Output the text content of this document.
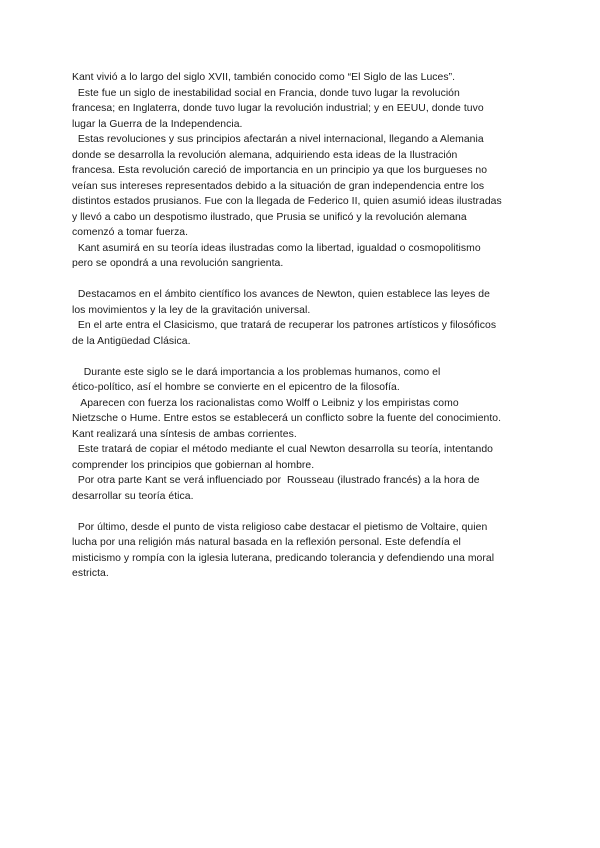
Kant vivió a lo largo del siglo XVII, también conocido como “El Siglo de las Luces”.
Este fue un siglo de inestabilidad social en Francia, donde tuvo lugar la revolución
francesa; en Inglaterra, donde tuvo lugar la revolución industrial; y en EEUU, donde tuvo
lugar la Guerra de la Independencia.
Estas revoluciones y sus principios afectarán a nivel internacional, llegando a Alemania
donde se desarrolla la revolución alemana, adquiriendo esta ideas de la Ilustración
francesa. Esta revolución careció de importancia en un principio ya que los burgueses no
veían sus intereses representados debido a la situación de gran independencia entre los
distintos estados prusianos. Fue con la llegada de Federico II, quien asumió ideas ilustradas
y llevó a cabo un despotismo ilustrado, que Prusia se unificó y la revolución alemana
comenzó a tomar fuerza.
Kant asumirá en su teoría ideas ilustradas como la libertad, igualdad o cosmopolitismo
pero se opondrá a una revolución sangrienta.
Destacamos en el ámbito científico los avances de Newton, quien establece las leyes de
los movimientos y la ley de la gravitación universal.
En el arte entra el Clasicismo, que tratará de recuperar los patrones artísticos y filosóficos
de la Antigüedad Clásica.
Durante este siglo se le dará importancia a los problemas humanos, como el
ético-político, así el hombre se convierte en el epicentro de la filosofía.
Aparecen con fuerza los racionalistas como Wolff o Leibniz y los empiristas como
Nietzsche o Hume. Entre estos se establecerá un conflicto sobre la fuente del conocimiento.
Kant realizará una síntesis de ambas corrientes.
Este tratará de copiar el método mediante el cual Newton desarrolla su teoría, intentando
comprender los principios que gobiernan al hombre.
Por otra parte Kant se verá influenciado por  Rousseau (ilustrado francés) a la hora de
desarrollar su teoría ética.
Por último, desde el punto de vista religioso cabe destacar el pietismo de Voltaire, quien
lucha por una religión más natural basada en la reflexión personal. Este defendía el
misticismo y rompía con la iglesia luterana, predicando tolerancia y defendiendo una moral
estricta.
